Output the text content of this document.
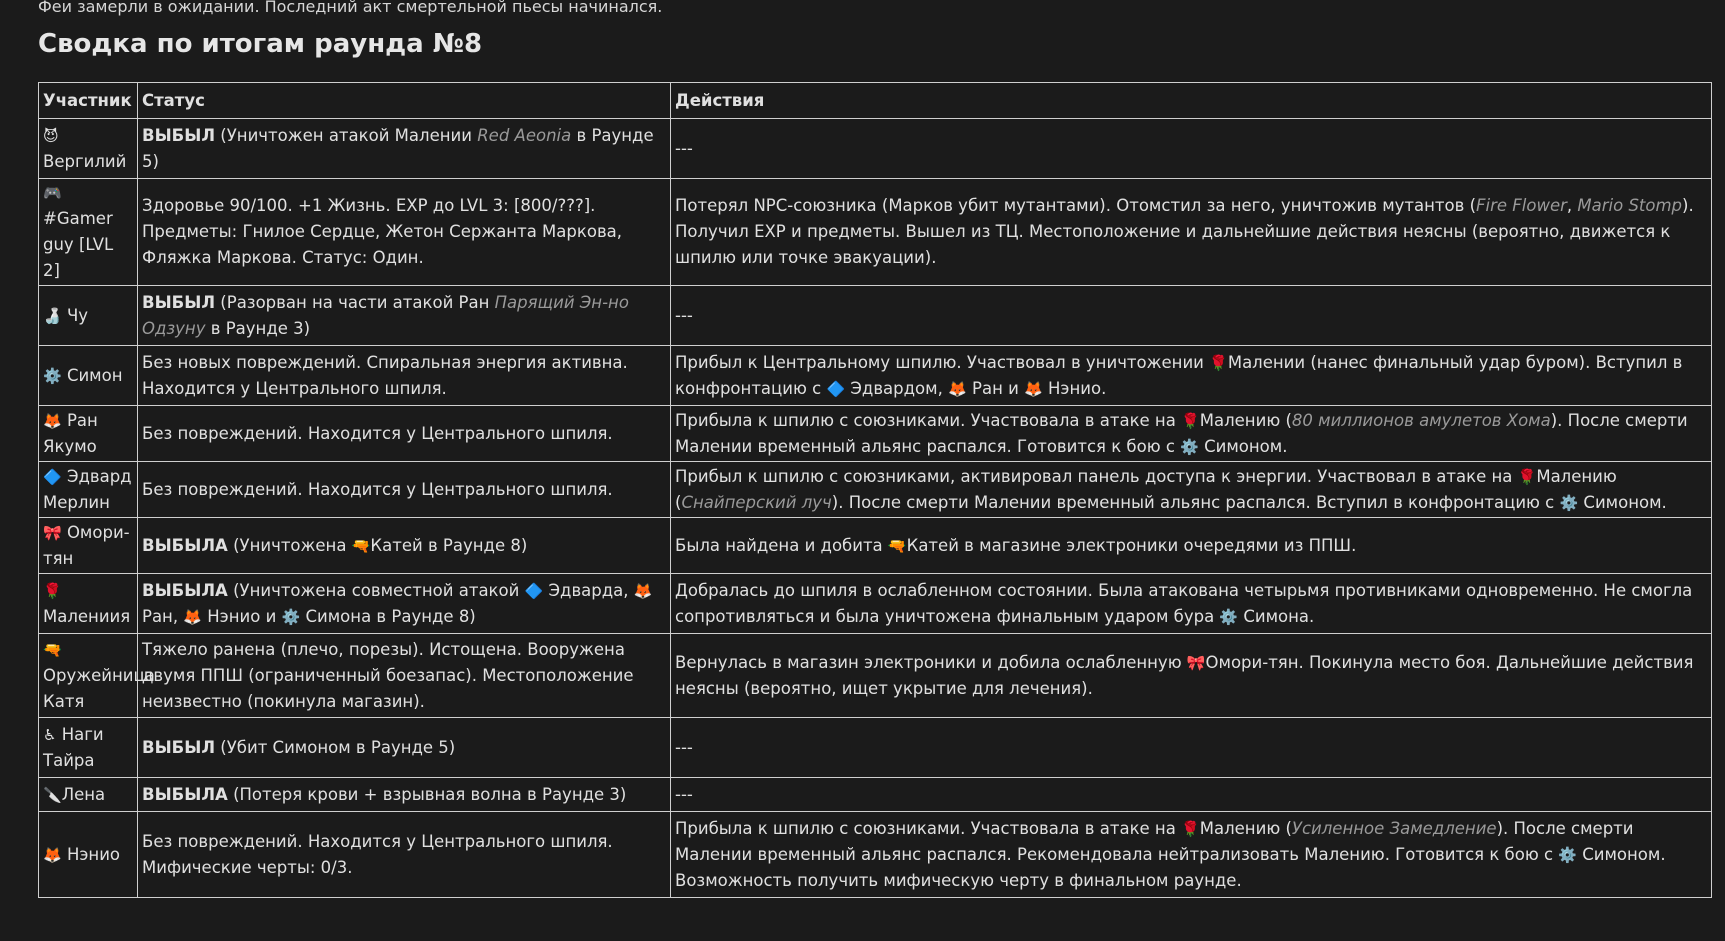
Феи замерли в ожидании. Последний акт смертельной пьесы начинался.
Сводка по итогам раунда №8
Участник	Статус	Действия
😈
Вергилий	ВЫБЫЛ (Уничтожен атакой Малении Red Aeonia в Раунде 5)	---
🎮
#Gamer guy [LVL 2]	Здоровье 90/100. +1 Жизнь. EXP до LVL 3: [800/???]. Предметы: Гнилое Сердце, Жетон Сержанта Маркова, Фляжка Маркова. Статус: Один.	Потерял NPC-союзника (Марков убит мутантами). Отомстил за него, уничтожив мутантов (Fire Flower, Mario Stomp). Получил EXP и предметы. Вышел из ТЦ. Местоположение и дальнейшие действия неясны (вероятно, движется к шпилю или точке эвакуации).
🍶 Чу	ВЫБЫЛ (Разорван на части атакой Ран Парящий Эн-но Одзуну в Раунде 3)	---
⚙️ Симон	Без новых повреждений. Спиральная энергия активна. Находится у Центрального шпиля.	Прибыл к Центральному шпилю. Участвовал в уничтожении 🌹Малении (нанес финальный удар буром). Вступил в конфронтацию с 🔷 Эдвардом, 🦊 Ран и 🦊 Нэнио.
🦊 Ран Якумо	Без повреждений. Находится у Центрального шпиля.	Прибыла к шпилю с союзниками. Участвовала в атаке на 🌹Малению (80 миллионов амулетов Хома). После смерти Малении временный альянс распался. Готовится к бою с ⚙️ Симоном.
🔷 Эдвард Мерлин	Без повреждений. Находится у Центрального шпиля.	Прибыл к шпилю с союзниками, активировал панель доступа к энергии. Участвовал в атаке на 🌹Малению (Снайперский луч). После смерти Малении временный альянс распался. Вступил в конфронтацию с ⚙️ Симоном.
🎀 Омори-тян	ВЫБЫЛА (Уничтожена 🔫Катей в Раунде 8)	Была найдена и добита 🔫Катей в магазине электроники очередями из ППШ.
🌹
Малениия	ВЫБЫЛА (Уничтожена совместной атакой 🔷 Эдварда, 🦊 Ран, 🦊 Нэнио и ⚙️ Симона в Раунде 8)	Добралась до шпиля в ослабленном состоянии. Была атакована четырьмя противниками одновременно. Не смогла сопротивляться и была уничтожена финальным ударом бура ⚙️ Симона.
🔫
Оружейница Катя	Тяжело ранена (плечо, порезы). Истощена. Вооружена двумя ППШ (ограниченный боезапас). Местоположение неизвестно (покинула магазин).	Вернулась в магазин электроники и добила ослабленную 🎀Омори-тян. Покинула место боя. Дальнейшие действия неясны (вероятно, ищет укрытие для лечения).
♿ Наги Тайра	ВЫБЫЛ (Убит Симоном в Раунде 5)	---
🔪Лена	ВЫБЫЛА (Потеря крови + взрывная волна в Раунде 3)	---
🦊 Нэнио	Без повреждений. Находится у Центрального шпиля. Мифические черты: 0/3.	Прибыла к шпилю с союзниками. Участвовала в атаке на 🌹Малению (Усиленное Замедление). После смерти Малении временный альянс распался. Рекомендовала нейтрализовать Малению. Готовится к бою с ⚙️ Симоном. Возможность получить мифическую черту в финальном раунде.
